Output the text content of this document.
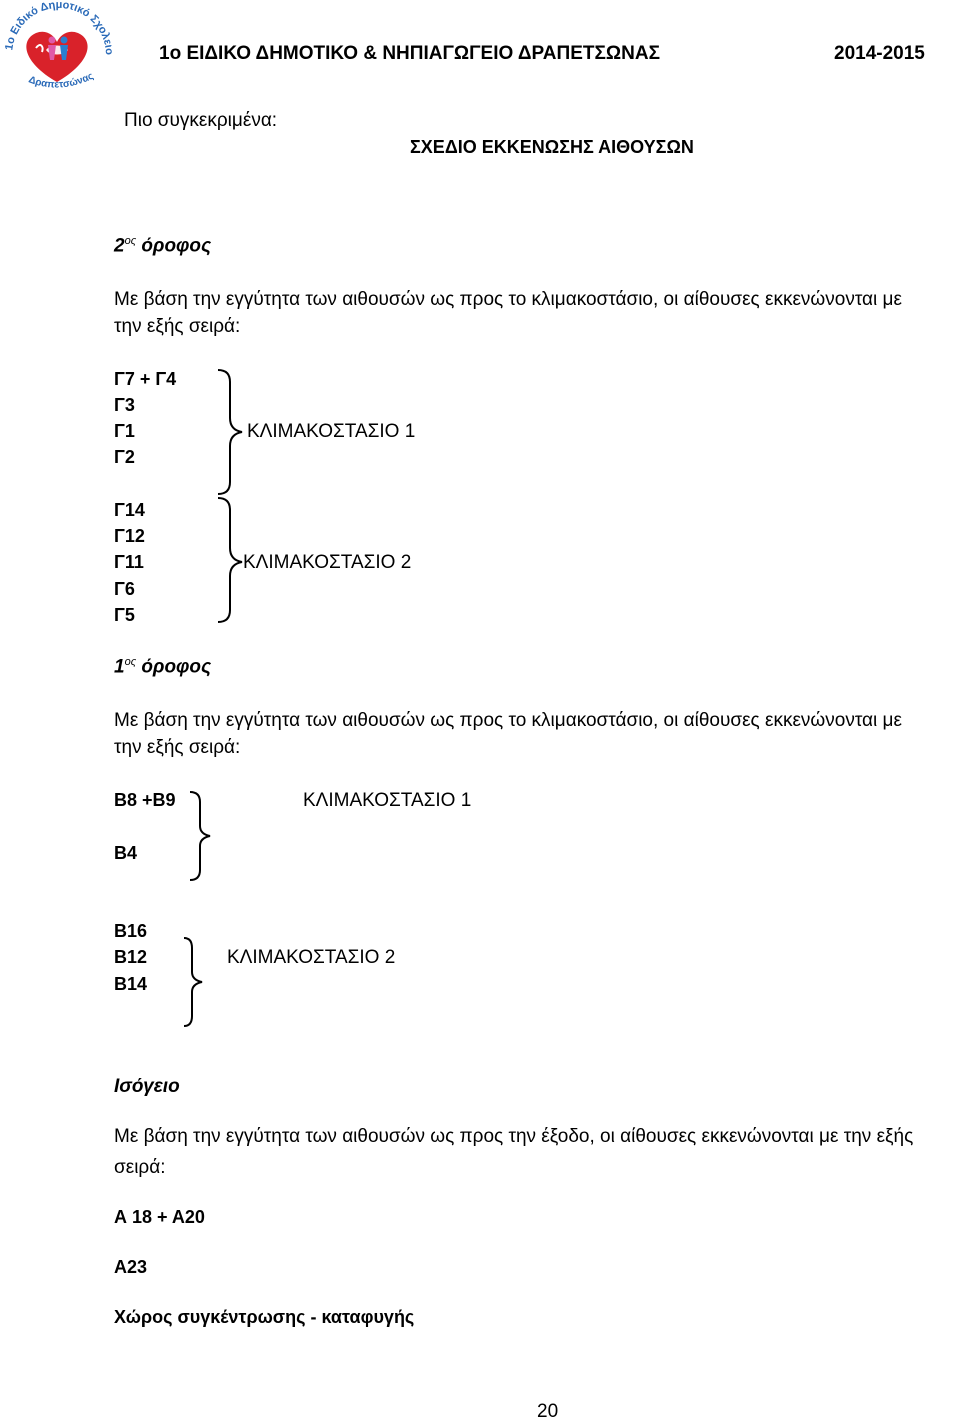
1ο Ειδικό Δημοτικό Σχολ
Δραπετσώνας
1ο ΕΙΔΙΚΟ ΔΗΜΟΤΙΚΟ & ΝΗΠΙΑΓΩΓΕΙΟ ΔΡΑΠΕΤΣΩΝΑΣ	2014-2015
Πιο συγκεκριμένα:
ΣΧΕΔΙΟ ΕΚΚΕΝΩΣΗΣ ΑΙΘΟΥΣΩΝ
$2^{o\varsigma}$ όροφος
Με βάση την εγγύτητα των αιθουσών ως προς το κλιμακοστάσιο, οι αίθουσες εκκενώνονται με
την εξής σειρά:
Γ7 + Γ4
Γ3
Γ1
Γ2
ΚΛΙΜΑΚΟΣΤΑΣΙΟ 1
Γ14
Γ12
Γ11
Γ6
Γ5
ΚΛΙΜΑΚΟΣΤΑΣΙΟ 2
$1^{o\varsigma}$ όροφος
Με βάση την εγγύτητα των αιθουσών ως προς το κλιμακοστάσιο, οι αίθουσες εκκενώνονται με
την εξής σειρά:
Β8 +Β9
Β4
ΚΛΙΜΑΚΟΣΤΑΣΙΟ 1
Β16
Β12
Β14
ΚΛΙΜΑΚΟΣΤΑΣΙΟ 2
Ισόγειο
Με βάση την εγγύτητα των αιθουσών ως προς την έξοδο, οι αίθουσες εκκενώνονται με την εξής
σειρά:
Α 18 + Α20
Α23
Χώρος συγκέντρωσης - καταφυγής
20
